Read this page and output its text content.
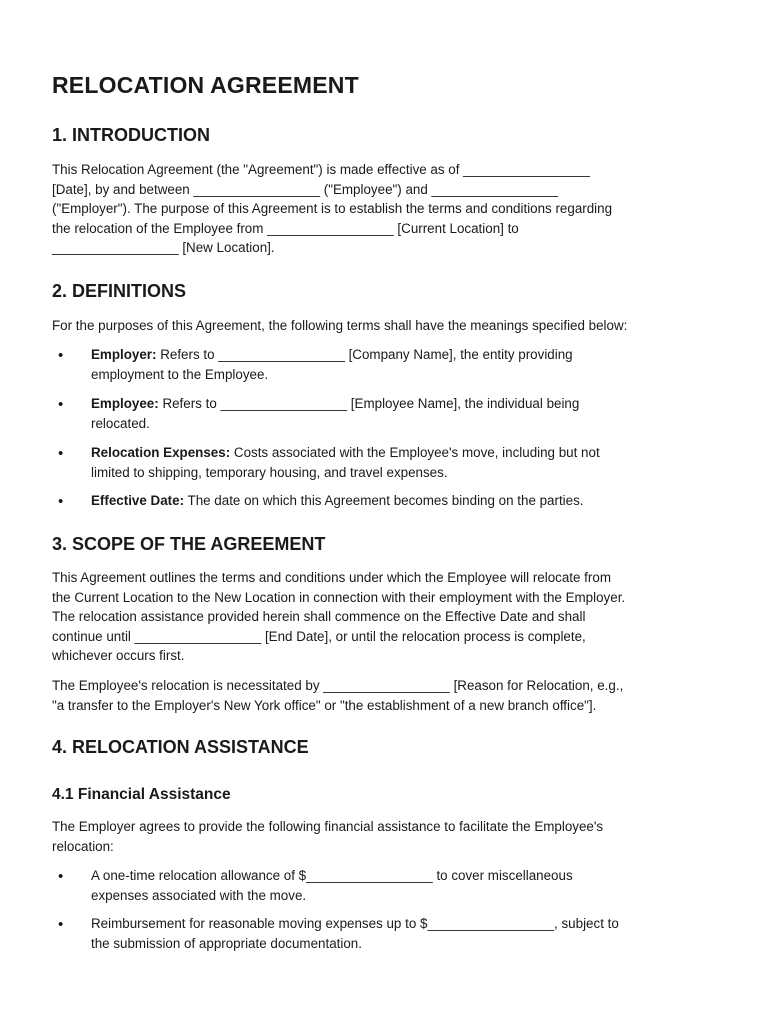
RELOCATION AGREEMENT
1. INTRODUCTION
This Relocation Agreement (the "Agreement") is made effective as of _________________
[Date], by and between _________________ ("Employee") and _________________
("Employer"). The purpose of this Agreement is to establish the terms and conditions regarding
the relocation of the Employee from _________________ [Current Location] to
_________________ [New Location].
2. DEFINITIONS
For the purposes of this Agreement, the following terms shall have the meanings specified below:
• Employer: Refers to _________________ [Company Name], the entity providing
employment to the Employee.
• Employee: Refers to _________________ [Employee Name], the individual being
relocated.
• Relocation Expenses: Costs associated with the Employee's move, including but not
limited to shipping, temporary housing, and travel expenses.
• Effective Date: The date on which this Agreement becomes binding on the parties.
3. SCOPE OF THE AGREEMENT
This Agreement outlines the terms and conditions under which the Employee will relocate from
the Current Location to the New Location in connection with their employment with the Employer.
The relocation assistance provided herein shall commence on the Effective Date and shall
continue until _________________ [End Date], or until the relocation process is complete,
whichever occurs first.
The Employee's relocation is necessitated by _________________ [Reason for Relocation, e.g.,
"a transfer to the Employer's New York office" or "the establishment of a new branch office"].
4. RELOCATION ASSISTANCE
4.1 Financial Assistance
The Employer agrees to provide the following financial assistance to facilitate the Employee's
relocation:
• A one-time relocation allowance of $_________________ to cover miscellaneous
expenses associated with the move.
• Reimbursement for reasonable moving expenses up to $_________________, subject to
the submission of appropriate documentation.
